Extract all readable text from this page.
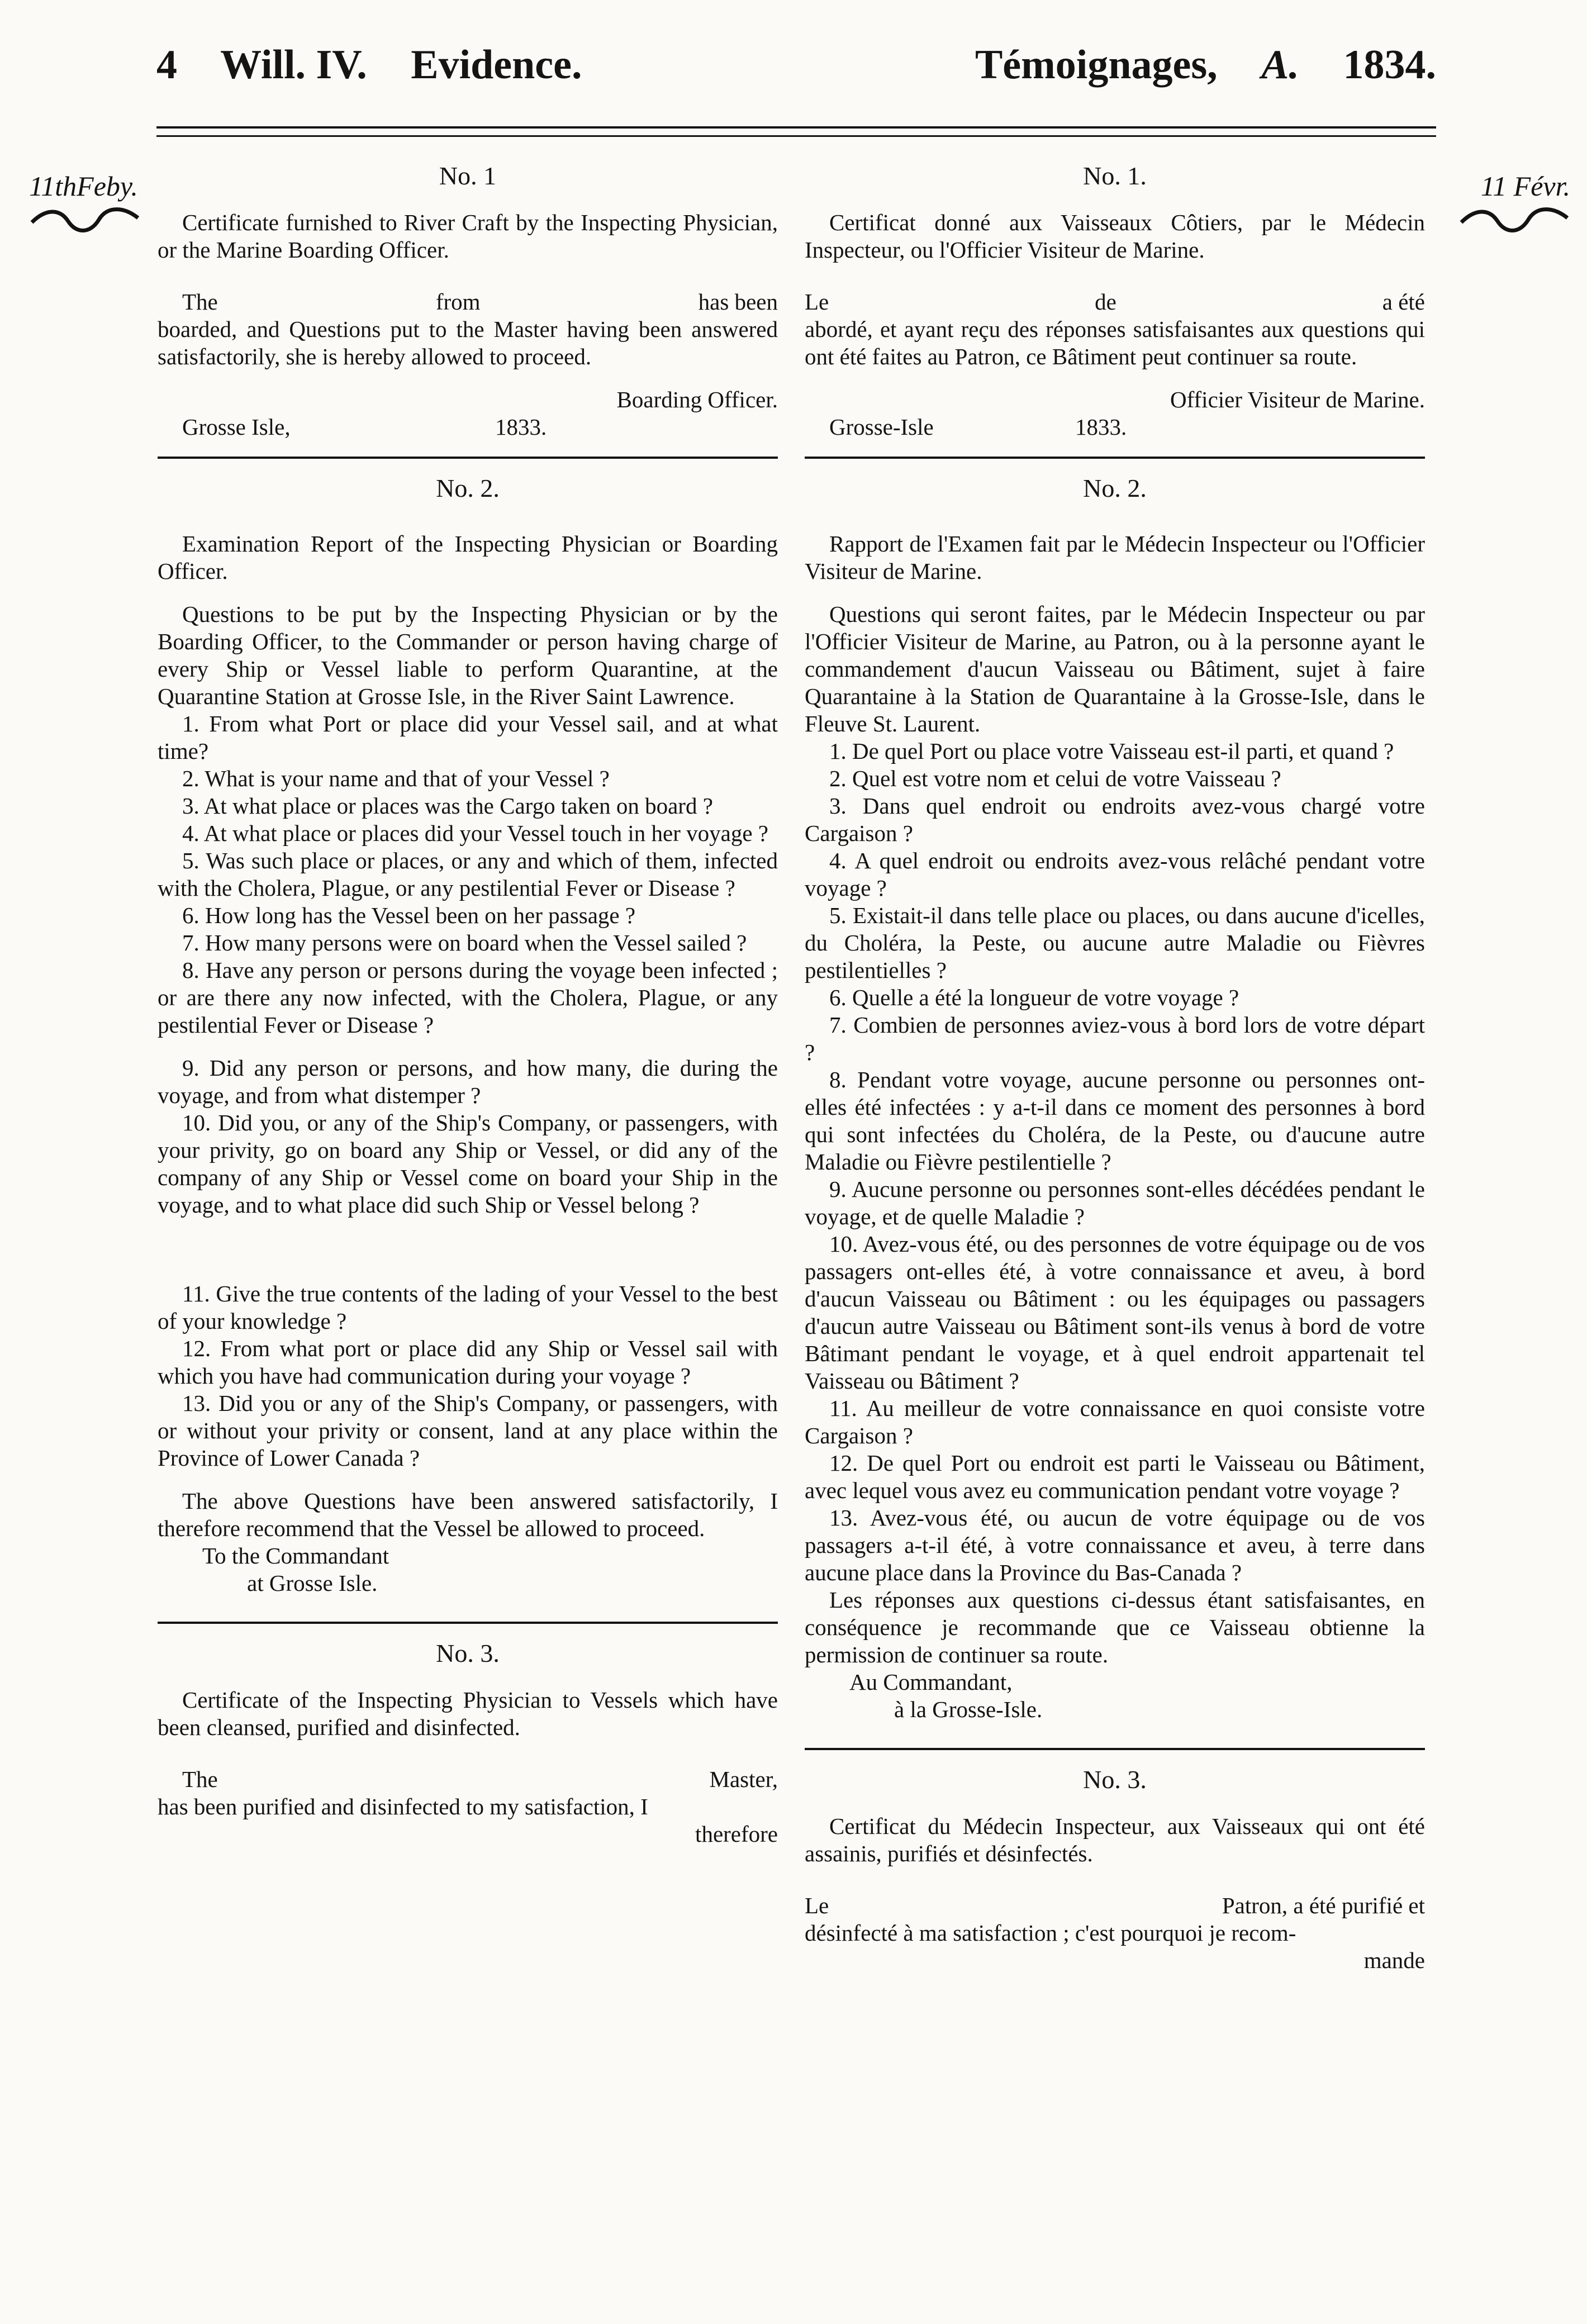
4 Will. IV. Evidence.	Témoignages, A. 1834.
11thFeby.	11 Févr.
No. 1

Certificate furnished to River Craft by the Inspecting Physician, or the Marine Boarding Officer.

The	from	has been

boarded, and Questions put to the Master having been answered satisfactorily, she is hereby allowed to proceed.

Boarding Officer.
Grosse Isle,	1833.
No. 2.

Examination Report of the Inspecting Physician or Boarding Officer.

Questions to be put by the Inspecting Physician or by the Boarding Officer, to the Commander or person having charge of every Ship or Vessel liable to perform Quarantine, at the Quarantine Station at Grosse Isle, in the River Saint Lawrence.

1. From what Port or place did your Vessel sail, and at what time?

2. What is your name and that of your Vessel ?

3. At what place or places was the Cargo taken on board ?

4. At what place or places did your Vessel touch in her voyage ?

5. Was such place or places, or any and which of them, infected with the Cholera, Plague, or any pestilential Fever or Disease ?

6. How long has the Vessel been on her passage ?

7. How many persons were on board when the Vessel sailed ?

8. Have any person or persons during the voyage been infected ; or are there any now infected, with the Cholera, Plague, or any pestilential Fever or Disease ?

9. Did any person or persons, and how many, die during the voyage, and from what distemper ?

10. Did you, or any of the Ship's Company, or passengers, with your privity, go on board any Ship or Vessel, or did any of the company of any Ship or Vessel come on board your Ship in the voyage, and to what place did such Ship or Vessel belong ?

11. Give the true contents of the lading of your Vessel to the best of your knowledge ?

12. From what port or place did any Ship or Vessel sail with which you have had communication during your voyage ?

13. Did you or any of the Ship's Company, or passengers, with or without your privity or consent, land at any place within the Province of Lower Canada ?

The above Questions have been answered satisfactorily, I therefore recommend that the Vessel be allowed to proceed.

To the Commandant

at Grosse Isle.

No. 3.

Certificate of the Inspecting Physician to Vessels which have been cleansed, purified and disinfected.

The	Master,

has been purified and disinfected to my satisfaction, I

therefore

No. 1.

Certificat donné aux Vaisseaux Côtiers, par le Médecin Inspecteur, ou l'Officier Visiteur de Marine.

Le	de	a été

abordé, et ayant reçu des réponses satisfaisantes aux questions qui ont été faites au Patron, ce Bâtiment peut continuer sa route.

Officier Visiteur de Marine.
Grosse-Isle	1833.
No. 2.

Rapport de l'Examen fait par le Médecin Inspecteur ou l'Officier Visiteur de Marine.

Questions qui seront faites, par le Médecin Inspecteur ou par l'Officier Visiteur de Marine, au Patron, ou à la personne ayant le commandement d'aucun Vaisseau ou Bâtiment, sujet à faire Quarantaine à la Station de Quarantaine à la Grosse-Isle, dans le Fleuve St. Laurent.

1. De quel Port ou place votre Vaisseau est-il parti, et quand ?

2. Quel est votre nom et celui de votre Vaisseau ?

3. Dans quel endroit ou endroits avez-vous chargé votre Cargaison ?

4. A quel endroit ou endroits avez-vous relâché pendant votre voyage ?

5. Existait-il dans telle place ou places, ou dans aucune d'icelles, du Choléra, la Peste, ou aucune autre Maladie ou Fièvres pestilentielles ?

6. Quelle a été la longueur de votre voyage ?

7. Combien de personnes aviez-vous à bord lors de votre départ ?

8. Pendant votre voyage, aucune personne ou personnes ont-elles été infectées : y a-t-il dans ce moment des personnes à bord qui sont infectées du Choléra, de la Peste, ou d'aucune autre Maladie ou Fièvre pestilentielle ?

9. Aucune personne ou personnes sont-elles décédées pendant le voyage, et de quelle Maladie ?

10. Avez-vous été, ou des personnes de votre équipage ou de vos passagers ont-elles été, à votre connaissance et aveu, à bord d'aucun Vaisseau ou Bâtiment : ou les équipages ou passagers d'aucun autre Vaisseau ou Bâtiment sont-ils venus à bord de votre Bâtimant pendant le voyage, et à quel endroit appartenait tel Vaisseau ou Bâtiment ?

11. Au meilleur de votre connaissance en quoi consiste votre Cargaison ?

12. De quel Port ou endroit est parti le Vaisseau ou Bâtiment, avec lequel vous avez eu communication pendant votre voyage ?

13. Avez-vous été, ou aucun de votre équipage ou de vos passagers a-t-il été, à votre connaissance et aveu, à terre dans aucune place dans la Province du Bas-Canada ?

Les réponses aux questions ci-dessus étant satisfaisantes, en conséquence je recommande que ce Vaisseau obtienne la permission de continuer sa route.

Au Commandant,

à la Grosse-Isle.

No. 3.

Certificat du Médecin Inspecteur, aux Vaisseaux qui ont été assainis, purifiés et désinfectés.

Le	Patron, a été purifié et

désinfecté à ma satisfaction ; c'est pourquoi je recom-

mande
